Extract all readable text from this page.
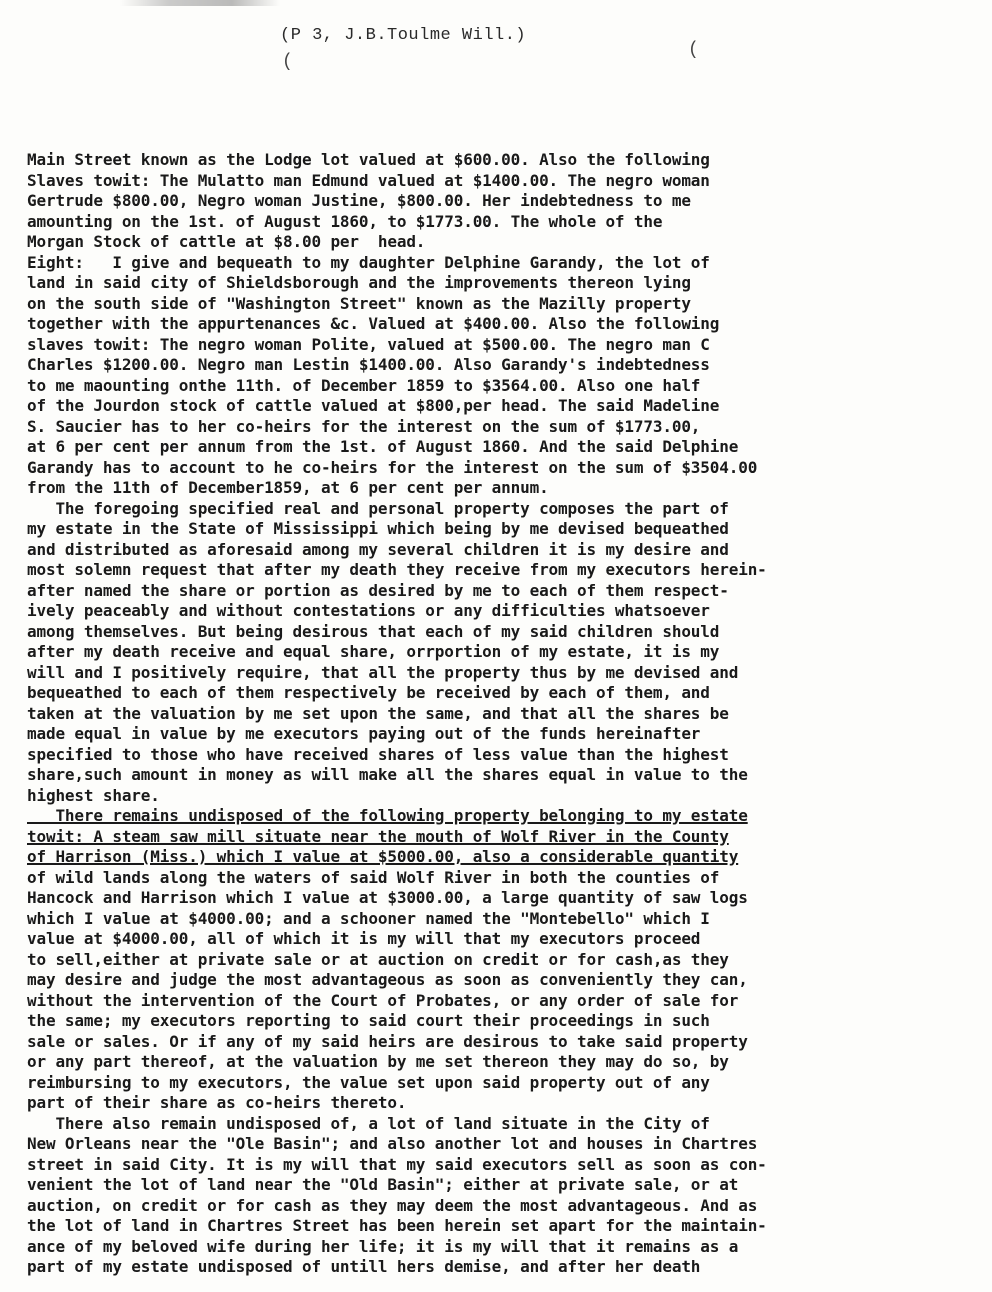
(P 3, J.B.Toulme Will.)
(
(
Main Street known as the Lodge lot valued at $600.00. Also the following
Slaves towit: The Mulatto man Edmund valued at $1400.00. The negro woman
Gertrude $800.00, Negro woman Justine, $800.00. Her indebtedness to me
amounting on the 1st. of August 1860, to $1773.00. The whole of the
Morgan Stock of cattle at $8.00 per  head.
Eight:   I give and bequeath to my daughter Delphine Garandy, the lot of
land in said city of Shieldsborough and the improvements thereon lying
on the south side of "Washington Street" known as the Mazilly property
together with the appurtenances &c. Valued at $400.00. Also the following
slaves towit: The negro woman Polite, valued at $500.00. The negro man C
Charles $1200.00. Negro man Lestin $1400.00. Also Garandy's indebtedness
to me maounting onthe 11th. of December 1859 to $3564.00. Also one half
of the Jourdon stock of cattle valued at $800,per head. The said Madeline
S. Saucier has to her co-heirs for the interest on the sum of $1773.00,
at 6 per cent per annum from the 1st. of August 1860. And the said Delphine
Garandy has to account to he co-heirs for the interest on the sum of $3504.00
from the 11th of December1859, at 6 per cent per annum.
The foregoing specified real and personal property composes the part of
my estate in the State of Mississippi which being by me devised bequeathed
and distributed as aforesaid among my several children it is my desire and
most solemn request that after my death they receive from my executors herein-
after named the share or portion as desired by me to each of them respect-
ively peaceably and without contestations or any difficulties whatsoever
among themselves. But being desirous that each of my said children should
after my death receive and equal share, orrportion of my estate, it is my
will and I positively require, that all the property thus by me devised and
bequeathed to each of them respectively be received by each of them, and
taken at the valuation by me set upon the same, and that all the shares be
made equal in value by me executors paying out of the funds hereinafter
specified to those who have received shares of less value than the highest
share,such amount in money as will make all the shares equal in value to the
highest share.
There remains undisposed of the following property belonging to my estate
towit: A steam saw mill situate near the mouth of Wolf River in the County
of Harrison (Miss.) which I value at $5000.00, also a considerable quantity
of wild lands along the waters of said Wolf River in both the counties of
Hancock and Harrison which I value at $3000.00, a large quantity of saw logs
which I value at $4000.00; and a schooner named the "Montebello" which I
value at $4000.00, all of which it is my will that my executors proceed
to sell,either at private sale or at auction on credit or for cash,as they
may desire and judge the most advantageous as soon as conveniently they can,
without the intervention of the Court of Probates, or any order of sale for
the same; my executors reporting to said court their proceedings in such
sale or sales. Or if any of my said heirs are desirous to take said property
or any part thereof, at the valuation by me set thereon they may do so, by
reimbursing to my executors, the value set upon said property out of any
part of their share as co-heirs thereto.
There also remain undisposed of, a lot of land situate in the City of
New Orleans near the "Ole Basin"; and also another lot and houses in Chartres
street in said City. It is my will that my said executors sell as soon as con-
venient the lot of land near the "Old Basin"; either at private sale, or at
auction, on credit or for cash as they may deem the most advantageous. And as
the lot of land in Chartres Street has been herein set apart for the maintain-
ance of my beloved wife during her life; it is my will that it remains as a
part of my estate undisposed of untill hers demise, and after her death
